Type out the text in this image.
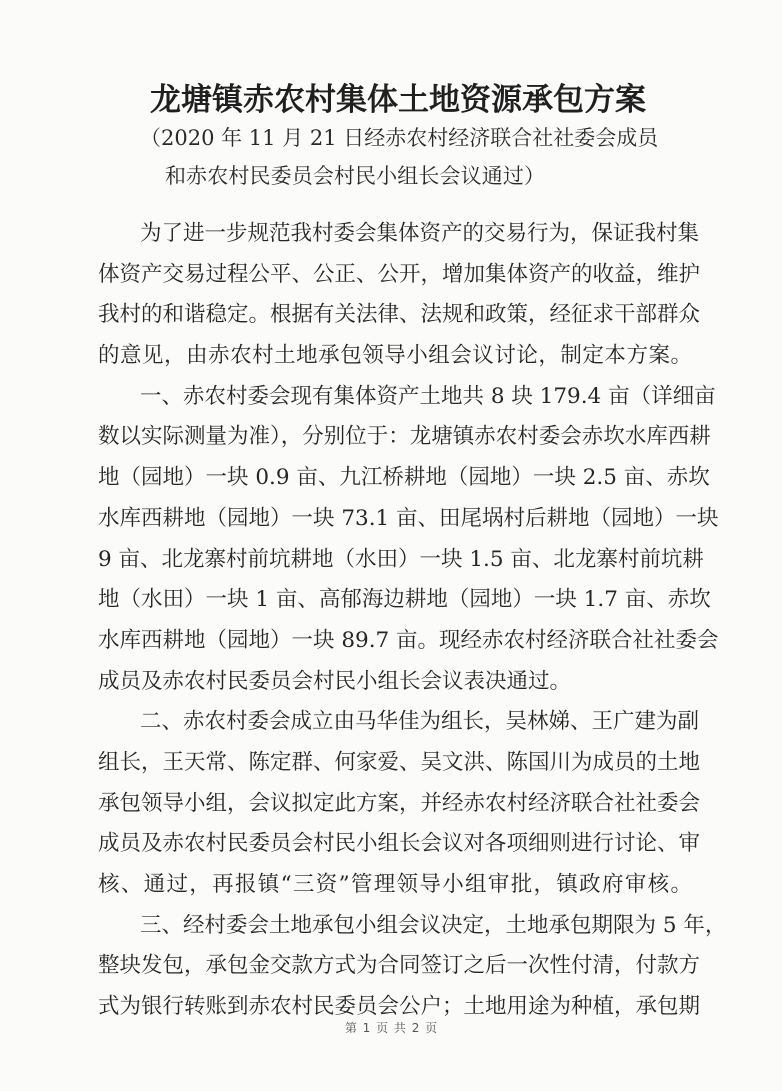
龙塘镇赤农村集体土地资源承包方案
（2020 年 11 月 21 日经赤农村经济联合社社委会成员
和赤农村民委员会村民小组长会议通过）
为了进一步规范我村委会集体资产的交易行为，保证我村集
体资产交易过程公平、公正、公开，增加集体资产的收益，维护
我村的和谐稳定。根据有关法律、法规和政策，经征求干部群众
的意见，由赤农村土地承包领导小组会议讨论，制定本方案。
一、赤农村委会现有集体资产土地共 8 块 179.4 亩（详细亩
数以实际测量为准），分别位于：龙塘镇赤农村委会赤坎水库西耕
地（园地）一块 0.9 亩、九江桥耕地（园地）一块 2.5 亩、赤坎
水库西耕地（园地）一块 73.1 亩、田尾埚村后耕地（园地）一块
9 亩、北龙寨村前坑耕地（水田）一块 1.5 亩、北龙寨村前坑耕
地（水田）一块 1 亩、高郁海边耕地（园地）一块 1.7 亩、赤坎
水库西耕地（园地）一块 89.7 亩。现经赤农村经济联合社社委会
成员及赤农村民委员会村民小组长会议表决通过。
二、赤农村委会成立由马华佳为组长，吴林娣、王广建为副
组长，王天常、陈定群、何家爱、吴文洪、陈国川为成员的土地
承包领导小组，会议拟定此方案，并经赤农村经济联合社社委会
成员及赤农村民委员会村民小组长会议对各项细则进行讨论、审
核、通过，再报镇“三资”管理领导小组审批，镇政府审核。
三、经村委会土地承包小组会议决定，土地承包期限为 5 年，
整块发包，承包金交款方式为合同签订之后一次性付清，付款方
式为银行转账到赤农村民委员会公户；土地用途为种植，承包期
第 1 页 共 2 页
